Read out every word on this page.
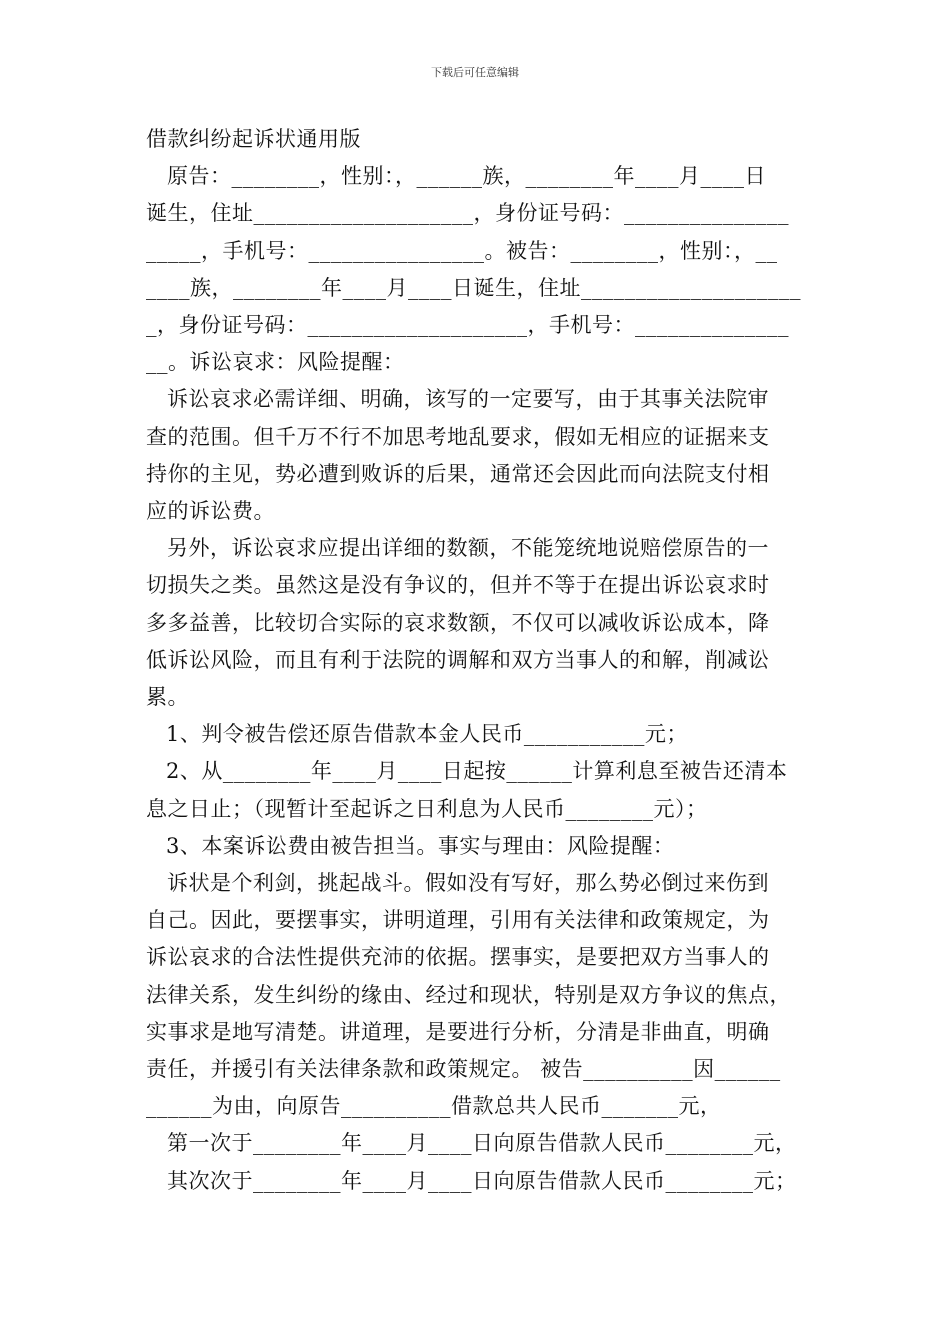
下载后可任意编辑

借款纠纷起诉状通用版

原告：________，性别：，______族，________年____月____日

诞生，住址____________________，身份证号码：_______________

_____，手机号：________________。被告：________，性别：，__

____族，________年____月____日诞生，住址____________________

_，身份证号码：____________________，手机号：______________

__。诉讼哀求：风险提醒：

诉讼哀求必需详细、明确，该写的一定要写，由于其事关法院审

查的范围。但千万不行不加思考地乱要求，假如无相应的证据来支

持你的主见，势必遭到败诉的后果，通常还会因此而向法院支付相

应的诉讼费。

另外，诉讼哀求应提出详细的数额，不能笼统地说赔偿原告的一

切损失之类。虽然这是没有争议的，但并不等于在提出诉讼哀求时

多多益善，比较切合实际的哀求数额，不仅可以减收诉讼成本，降

低诉讼风险，而且有利于法院的调解和双方当事人的和解，削减讼

累。

1、判令被告偿还原告借款本金人民币___________元；

2、从________年____月____日起按______计算利息至被告还清本

息之日止；（现暂计至起诉之日利息为人民币________元）；

3、本案诉讼费由被告担当。事实与理由：风险提醒：

诉状是个利剑，挑起战斗。假如没有写好，那么势必倒过来伤到

自己。因此，要摆事实，讲明道理，引用有关法律和政策规定，为

诉讼哀求的合法性提供充沛的依据。摆事实，是要把双方当事人的

法律关系，发生纠纷的缘由、经过和现状，特别是双方争议的焦点，

实事求是地写清楚。讲道理，是要进行分析，分清是非曲直，明确

责任，并援引有关法律条款和政策规定。 被告__________因______

______为由，向原告__________借款总共人民币_______元，

第一次于________年____月____日向原告借款人民币________元，

其次次于________年____月____日向原告借款人民币________元；
